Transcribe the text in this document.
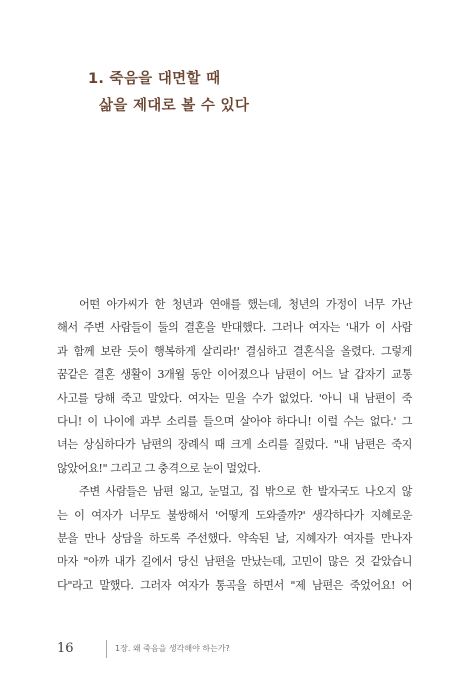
1. 죽음을 대면할 때
삶을 제대로 볼 수 있다

어떤 아가씨가 한 청년과 연애를 했는데, 청년의 가정이 너무 가난
해서 주변 사람들이 둘의 결혼을 반대했다. 그러나 여자는 '내가 이 사람
과 함께 보란 듯이 행복하게 살리라!' 결심하고 결혼식을 올렸다. 그렇게
꿈같은 결혼 생활이 3개월 동안 이어졌으나 남편이 어느 날 갑자기 교통
사고를 당해 죽고 말았다. 여자는 믿을 수가 없었다. '아니 내 남편이 죽
다니! 이 나이에 과부 소리를 들으며 살아야 하다니! 이럴 수는 없다.' 그
녀는 상심하다가 남편의 장례식 때 크게 소리를 질렀다. "내 남편은 죽지
않았어요!" 그리고 그 충격으로 눈이 멀었다.

주변 사람들은 남편 잃고, 눈멀고, 집 밖으로 한 발자국도 나오지 않
는 이 여자가 너무도 불쌍해서 '어떻게 도와줄까?' 생각하다가 지혜로운
분을 만나 상담을 하도록 주선했다. 약속된 날, 지혜자가 여자를 만나자
마자 "아까 내가 길에서 당신 남편을 만났는데, 고민이 많은 것 같았습니
다"라고 말했다. 그러자 여자가 통곡을 하면서 "제 남편은 죽었어요! 어

16	1장. 왜 죽음을 생각해야 하는가?
